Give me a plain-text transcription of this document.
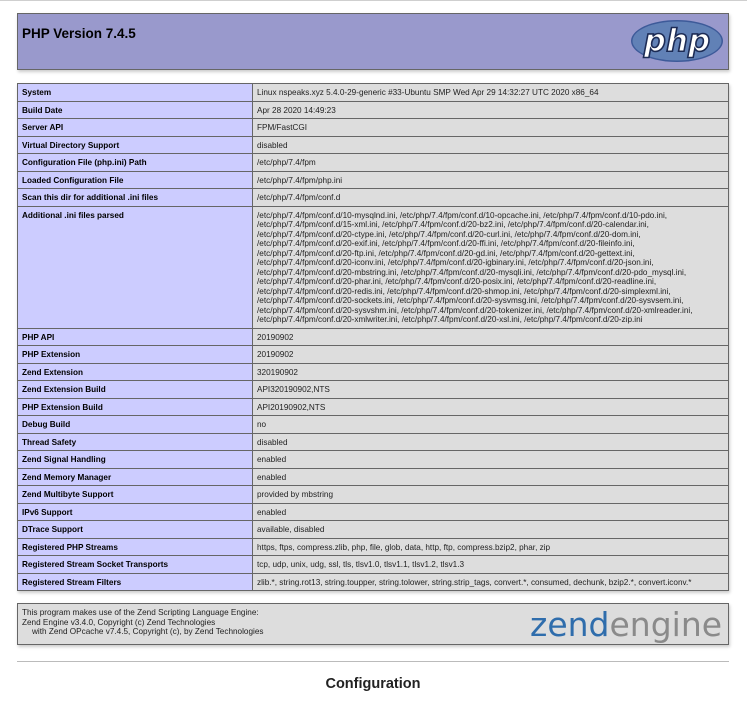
PHP Version 7.4.5	php
System	Linux nspeaks.xyz 5.4.0-29-generic #33-Ubuntu SMP Wed Apr 29 14:32:27 UTC 2020 x86_64
Build Date	Apr 28 2020 14:49:23
Server API	FPM/FastCGI
Virtual Directory Support	disabled
Configuration File (php.ini) Path	/etc/php/7.4/fpm
Loaded Configuration File	/etc/php/7.4/fpm/php.ini
Scan this dir for additional .ini files	/etc/php/7.4/fpm/conf.d
Additional .ini files parsed	/etc/php/7.4/fpm/conf.d/10-mysqlnd.ini, /etc/php/7.4/fpm/conf.d/10-opcache.ini, /etc/php/7.4/fpm/conf.d/10-pdo.ini, /etc/php/7.4/fpm/conf.d/15-xml.ini, /etc/php/7.4/fpm/conf.d/20-bz2.ini, /etc/php/7.4/fpm/conf.d/20-calendar.ini, /etc/php/7.4/fpm/conf.d/20-ctype.ini, /etc/php/7.4/fpm/conf.d/20-curl.ini, /etc/php/7.4/fpm/conf.d/20-dom.ini, /etc/php/7.4/fpm/conf.d/20-exif.ini, /etc/php/7.4/fpm/conf.d/20-ffi.ini, /etc/php/7.4/fpm/conf.d/20-fileinfo.ini, /etc/php/7.4/fpm/conf.d/20-ftp.ini, /etc/php/7.4/fpm/conf.d/20-gd.ini, /etc/php/7.4/fpm/conf.d/20-gettext.ini, /etc/php/7.4/fpm/conf.d/20-iconv.ini, /etc/php/7.4/fpm/conf.d/20-igbinary.ini, /etc/php/7.4/fpm/conf.d/20-json.ini, /etc/php/7.4/fpm/conf.d/20-mbstring.ini, /etc/php/7.4/fpm/conf.d/20-mysqli.ini, /etc/php/7.4/fpm/conf.d/20-pdo_mysql.ini, /etc/php/7.4/fpm/conf.d/20-phar.ini, /etc/php/7.4/fpm/conf.d/20-posix.ini, /etc/php/7.4/fpm/conf.d/20-readline.ini, /etc/php/7.4/fpm/conf.d/20-redis.ini, /etc/php/7.4/fpm/conf.d/20-shmop.ini, /etc/php/7.4/fpm/conf.d/20-simplexml.ini, /etc/php/7.4/fpm/conf.d/20-sockets.ini, /etc/php/7.4/fpm/conf.d/20-sysvmsg.ini, /etc/php/7.4/fpm/conf.d/20-sysvsem.ini, /etc/php/7.4/fpm/conf.d/20-sysvshm.ini, /etc/php/7.4/fpm/conf.d/20-tokenizer.ini, /etc/php/7.4/fpm/conf.d/20-xmlreader.ini, /etc/php/7.4/fpm/conf.d/20-xmlwriter.ini, /etc/php/7.4/fpm/conf.d/20-xsl.ini, /etc/php/7.4/fpm/conf.d/20-zip.ini
PHP API	20190902
PHP Extension	20190902
Zend Extension	320190902
Zend Extension Build	API320190902,NTS
PHP Extension Build	API20190902,NTS
Debug Build	no
Thread Safety	disabled
Zend Signal Handling	enabled
Zend Memory Manager	enabled
Zend Multibyte Support	provided by mbstring
IPv6 Support	enabled
DTrace Support	available, disabled
Registered PHP Streams	https, ftps, compress.zlib, php, file, glob, data, http, ftp, compress.bzip2, phar, zip
Registered Stream Socket Transports	tcp, udp, unix, udg, ssl, tls, tlsv1.0, tlsv1.1, tlsv1.2, tlsv1.3
Registered Stream Filters	zlib.*, string.rot13, string.toupper, string.tolower, string.strip_tags, convert.*, consumed, dechunk, bzip2.*, convert.iconv.*
This program makes use of the Zend Scripting Language Engine:
Zend Engine v3.4.0, Copyright (c) Zend Technologies
with Zend OPcache v7.4.5, Copyright (c), by Zend Technologies	zendengine
Configuration
